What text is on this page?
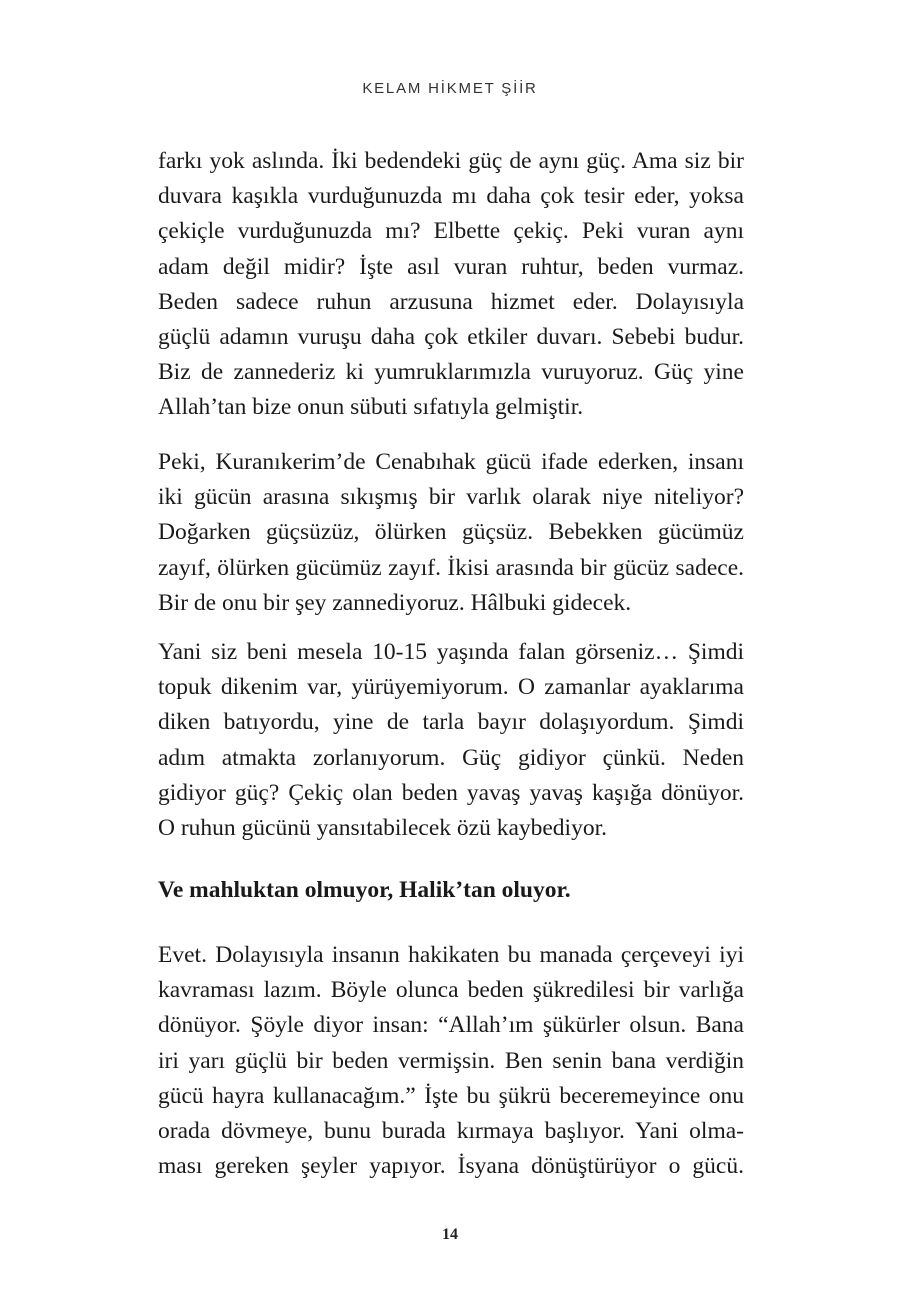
KELAM HİKMET ŞİİR
farkı yok aslında. İki bedendeki güç de aynı güç. Ama siz bir
duvara kaşıkla vurduğunuzda mı daha çok tesir eder, yoksa
çekiçle vurduğunuzda mı? Elbette çekiç. Peki vuran aynı
adam değil midir? İşte asıl vuran ruhtur, beden vurmaz.
Beden sadece ruhun arzusuna hizmet eder. Dolayısıyla
güçlü adamın vuruşu daha çok etkiler duvarı. Sebebi budur.
Biz de zannederiz ki yumruklarımızla vuruyoruz. Güç yine
Allah’tan bize onun sübuti sıfatıyla gelmiştir.
Peki, Kuranıkerim’de Cenabıhak gücü ifade ederken, insanı
iki gücün arasına sıkışmış bir varlık olarak niye niteliyor?
Doğarken güçsüzüz, ölürken güçsüz. Bebekken gücümüz
zayıf, ölürken gücümüz zayıf. İkisi arasında bir gücüz sadece.
Bir de onu bir şey zannediyoruz. Hâlbuki gidecek.
Yani siz beni mesela 10-15 yaşında falan görseniz… Şimdi
topuk dikenim var, yürüyemiyorum. O zamanlar ayaklarıma
diken batıyordu, yine de tarla bayır dolaşıyordum. Şimdi
adım atmakta zorlanıyorum. Güç gidiyor çünkü. Neden
gidiyor güç? Çekiç olan beden yavaş yavaş kaşığa dönüyor.
O ruhun gücünü yansıtabilecek özü kaybediyor.
Ve mahluktan olmuyor, Halik’tan oluyor.
Evet. Dolayısıyla insanın hakikaten bu manada çerçeveyi iyi
kavraması lazım. Böyle olunca beden şükredilesi bir varlığa
dönüyor. Şöyle diyor insan: “Allah’ım şükürler olsun. Bana
iri yarı güçlü bir beden vermişsin. Ben senin bana verdiğin
gücü hayra kullanacağım.” İşte bu şükrü beceremeyince onu
orada dövmeye, bunu burada kırmaya başlıyor. Yani olma-
ması gereken şeyler yapıyor. İsyana dönüştürüyor o gücü.
14
